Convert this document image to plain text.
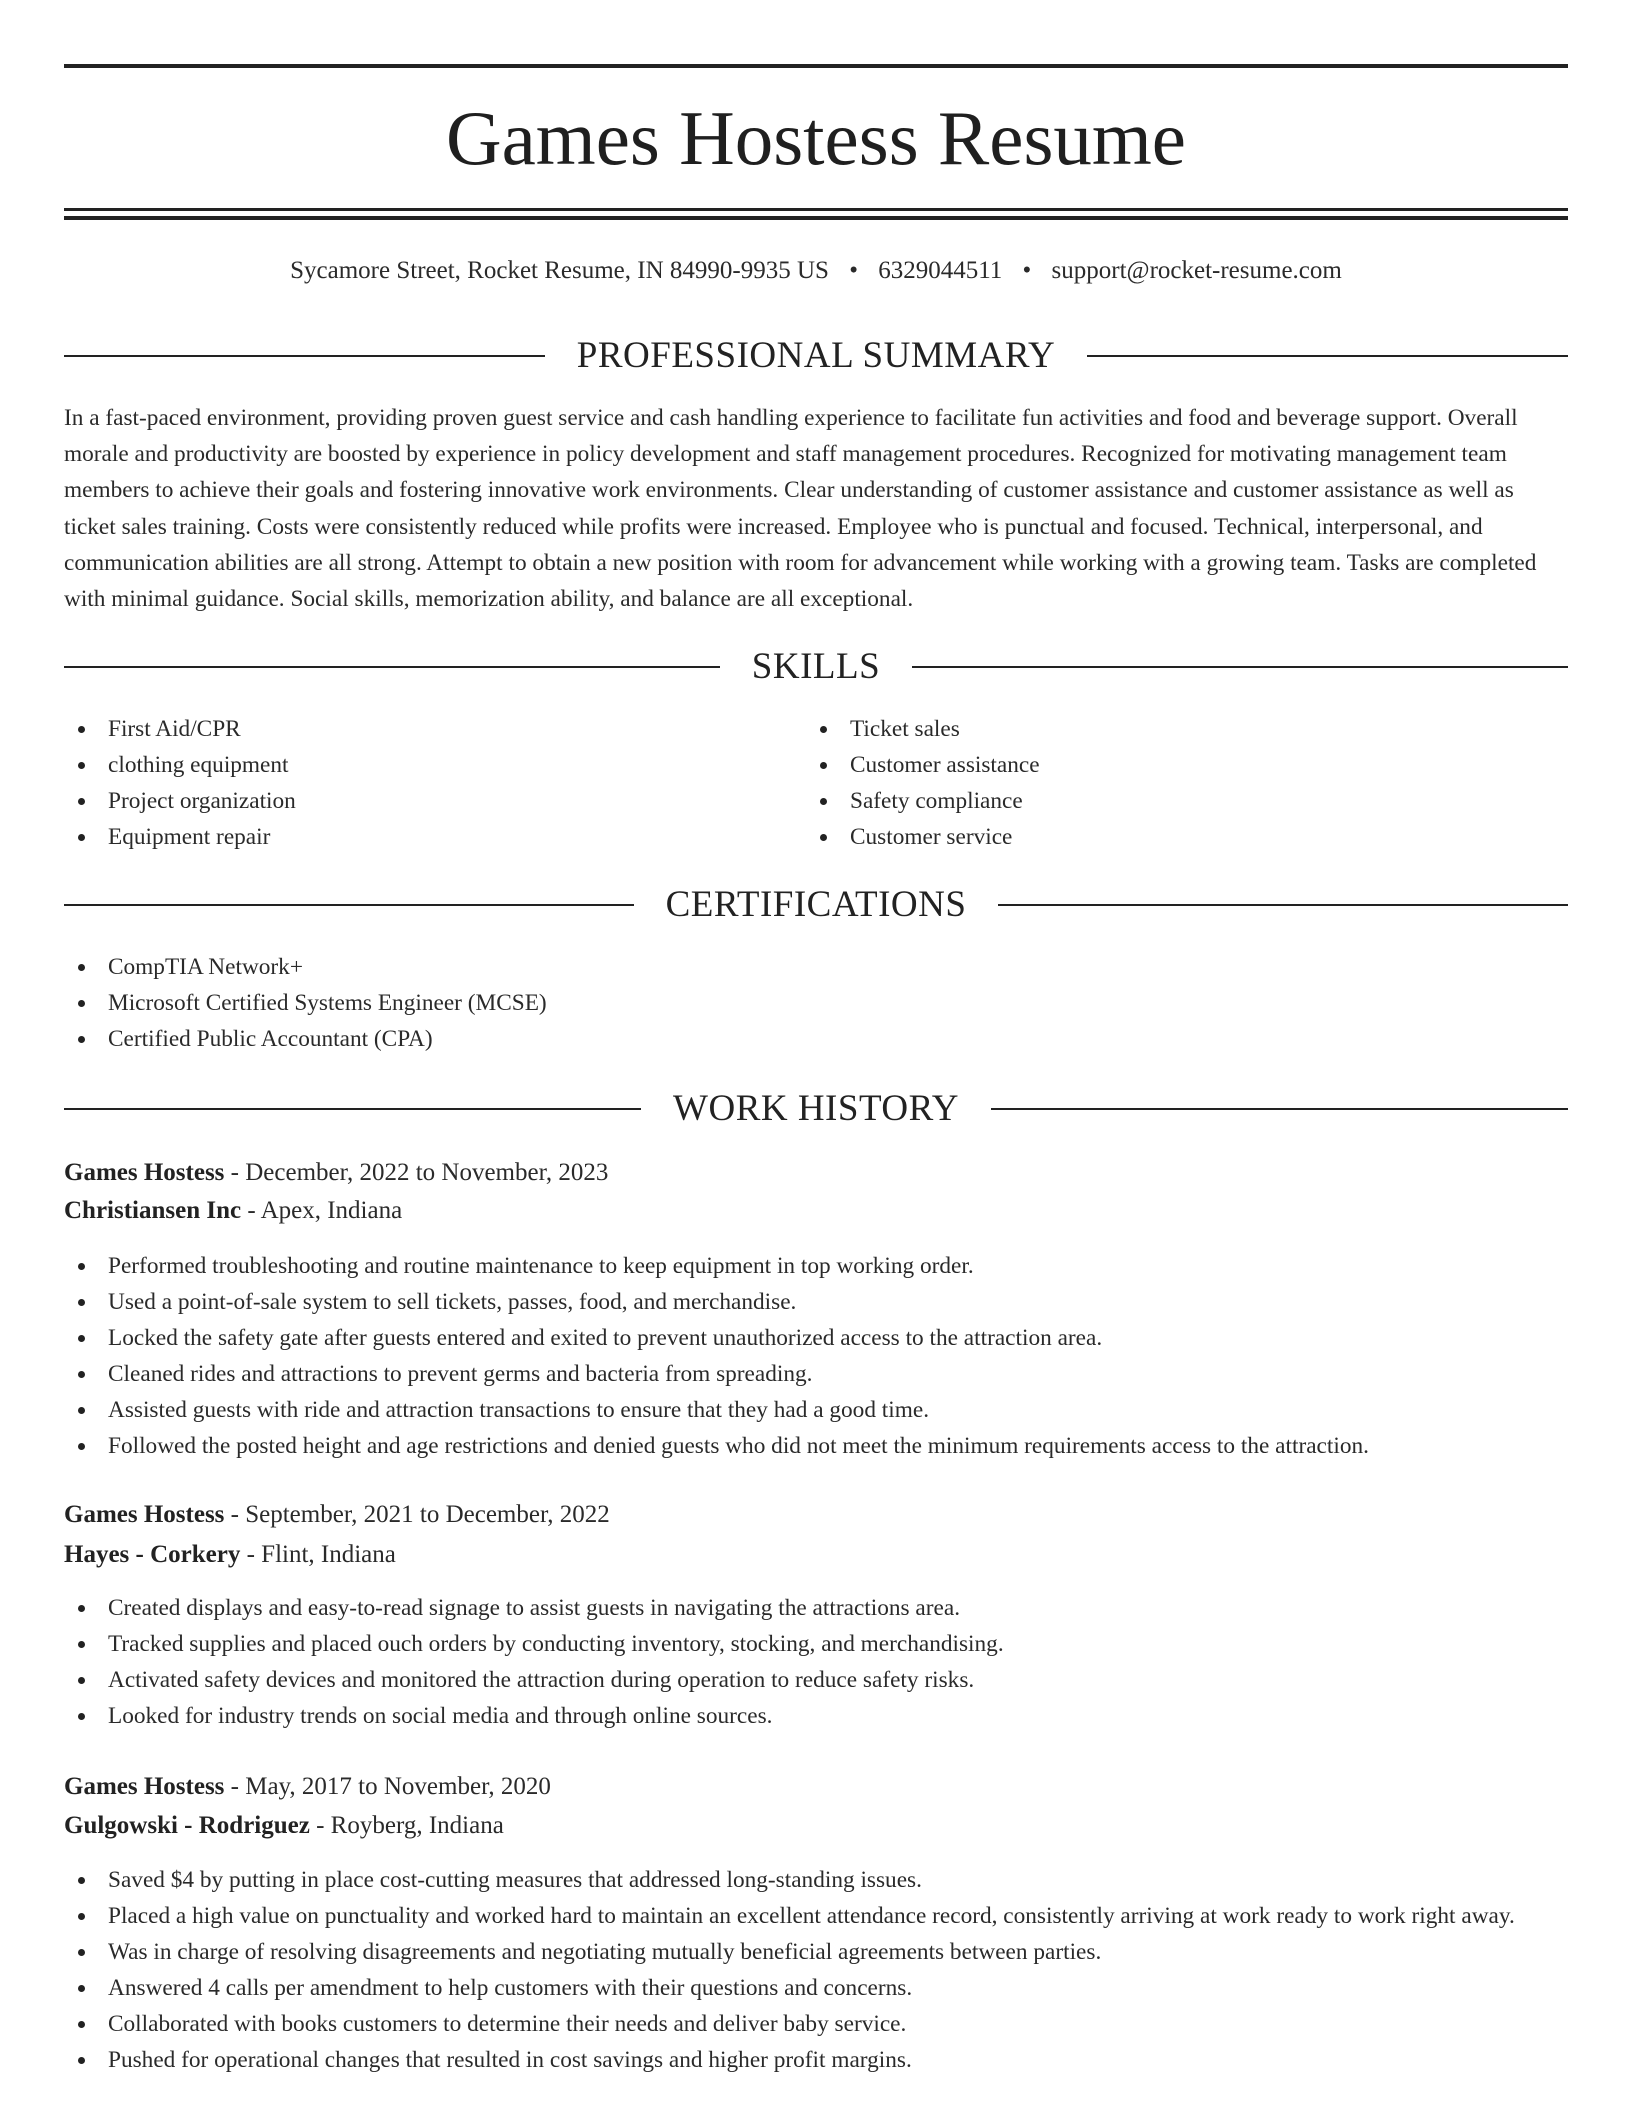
Games Hostess Resume
Sycamore Street, Rocket Resume, IN 84990-9935 US • 6329044511 • support@rocket-resume.com
PROFESSIONAL SUMMARY

In a fast-paced environment, providing proven guest service and cash handling experience to facilitate fun activities and food and beverage support. Overall morale and productivity are boosted by experience in policy development and staff management procedures. Recognized for motivating management team members to achieve their goals and fostering innovative work environments. Clear understanding of customer assistance and customer assistance as well as ticket sales training. Costs were consistently reduced while profits were increased. Employee who is punctual and focused. Technical, interpersonal, and communication abilities are all strong. Attempt to obtain a new position with room for advancement while working with a growing team. Tasks are completed with minimal guidance. Social skills, memorization ability, and balance are all exceptional.

SKILLS
First Aid/CPR
clothing equipment
Project organization
Equipment repair
Ticket sales
Customer assistance
Safety compliance
Customer service
CERTIFICATIONS
CompTIA Network+
Microsoft Certified Systems Engineer (MCSE)
Certified Public Accountant (CPA)
WORK HISTORY
Games Hostess - December, 2022 to November, 2023
Christiansen Inc - Apex, Indiana
Performed troubleshooting and routine maintenance to keep equipment in top working order.
Used a point-of-sale system to sell tickets, passes, food, and merchandise.
Locked the safety gate after guests entered and exited to prevent unauthorized access to the attraction area.
Cleaned rides and attractions to prevent germs and bacteria from spreading.
Assisted guests with ride and attraction transactions to ensure that they had a good time.
Followed the posted height and age restrictions and denied guests who did not meet the minimum requirements access to the attraction.
Games Hostess - September, 2021 to December, 2022
Hayes - Corkery - Flint, Indiana
Created displays and easy-to-read signage to assist guests in navigating the attractions area.
Tracked supplies and placed ouch orders by conducting inventory, stocking, and merchandising.
Activated safety devices and monitored the attraction during operation to reduce safety risks.
Looked for industry trends on social media and through online sources.
Games Hostess - May, 2017 to November, 2020
Gulgowski - Rodriguez - Royberg, Indiana
Saved $4 by putting in place cost-cutting measures that addressed long-standing issues.
Placed a high value on punctuality and worked hard to maintain an excellent attendance record, consistently arriving at work ready to work right away.
Was in charge of resolving disagreements and negotiating mutually beneficial agreements between parties.
Answered 4 calls per amendment to help customers with their questions and concerns.
Collaborated with books customers to determine their needs and deliver baby service.
Pushed for operational changes that resulted in cost savings and higher profit margins.
